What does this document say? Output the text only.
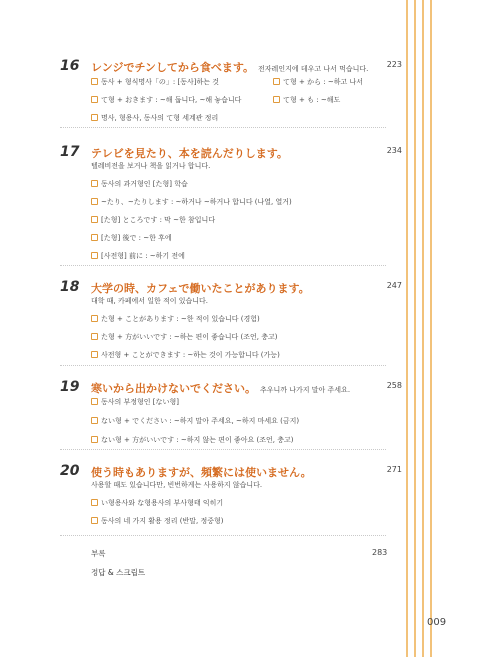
16 レンジでチンしてから食べます。 전자레인지에 데우고 나서 먹습니다.	223
동사 + 형식명사「の」: [동사]하는 것	て형 + から : ~하고 나서
て형 + おきます : ~해 둡니다, ~해 놓습니다	て형 + も : ~해도
명사, 형용사, 동사의 て형 세계관 정리
17 テレビを見たり、本を読んだりします。	234
텔레비전을 보거나 책을 읽거나 합니다.
동사의 과거형인 [た형] 학습
~たり、~たりします : ~하거나 ~하거나 합니다 (나열, 열거)
[た형] ところです : 막 ~한 참입니다
[た형] 後で : ~한 후에
[사전형] 前に : ~하기 전에
18 大学の時、カフェで働いたことがあります。	247
대학 때, 카페에서 일한 적이 있습니다.
た형 + ことがあります : ~한 적이 있습니다 (경험)
た형 + 方がいいです : ~하는 편이 좋습니다 (조언, 충고)
사전형 + ことができます : ~하는 것이 가능합니다 (가능)
19 寒いから出かけないでください。 추우니까 나가지 말아 주세요.	258
동사의 부정형인 [ない형]
ない형 + でください : ~하지 말아 주세요, ~하지 마세요 (금지)
ない형 + 方がいいです : ~하지 않는 편이 좋아요 (조언, 충고)
20 使う時もありますが、頻繁には使いません。	271
사용할 때도 있습니다만, 빈번하게는 사용하지 않습니다.
い형용사와 な형용사의 부사형태 익히기
동사의 네 가지 활용 정리 (반말, 정중형)
부록	283
정답 & 스크립트
009
